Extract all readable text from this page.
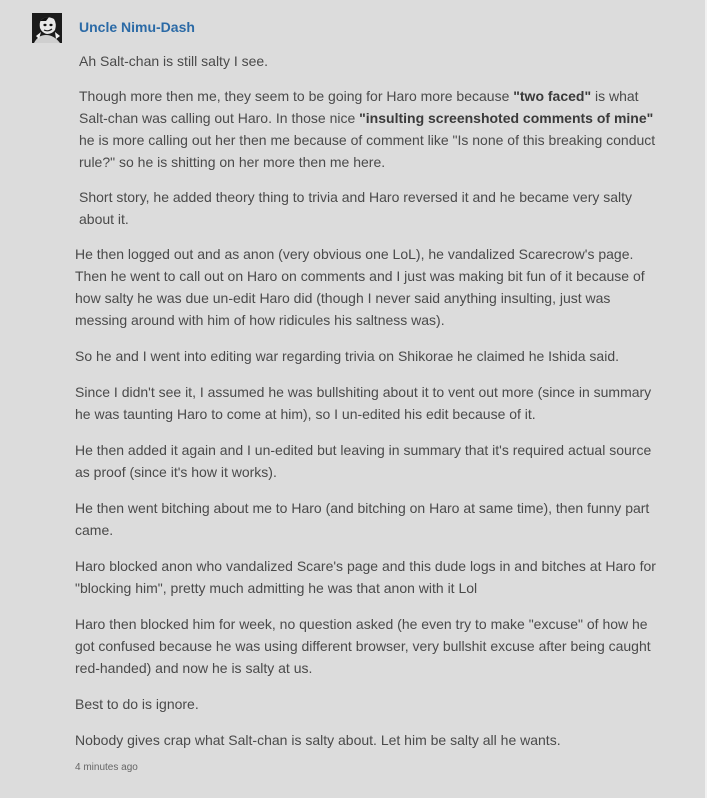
Uncle Nimu-Dash

Ah Salt-chan is still salty I see.

Though more then me, they seem to be going for Haro more because "two faced" is what Salt-chan was calling out Haro. In those nice "insulting screenshoted comments of mine" he is more calling out her then me because of comment like "Is none of this breaking conduct rule?" so he is shitting on her more then me here.

Short story, he added theory thing to trivia and Haro reversed it and he became very salty about it.

He then logged out and as anon (very obvious one LoL), he vandalized Scarecrow's page. Then he went to call out on Haro on comments and I just was making bit fun of it because of how salty he was due un-edit Haro did (though I never said anything insulting, just was messing around with him of how ridicules his saltness was).

So he and I went into editing war regarding trivia on Shikorae he claimed he Ishida said.

Since I didn't see it, I assumed he was bullshiting about it to vent out more (since in summary he was taunting Haro to come at him), so I un-edited his edit because of it.

He then added it again and I un-edited but leaving in summary that it's required actual source as proof (since it's how it works).

He then went bitching about me to Haro (and bitching on Haro at same time), then funny part came.

Haro blocked anon who vandalized Scare's page and this dude logs in and bitches at Haro for "blocking him", pretty much admitting he was that anon with it Lol

Haro then blocked him for week, no question asked (he even try to make "excuse" of how he got confused because he was using different browser, very bullshit excuse after being caught red-handed) and now he is salty at us.

Best to do is ignore.

Nobody gives crap what Salt-chan is salty about. Let him be salty all he wants.

4 minutes ago
